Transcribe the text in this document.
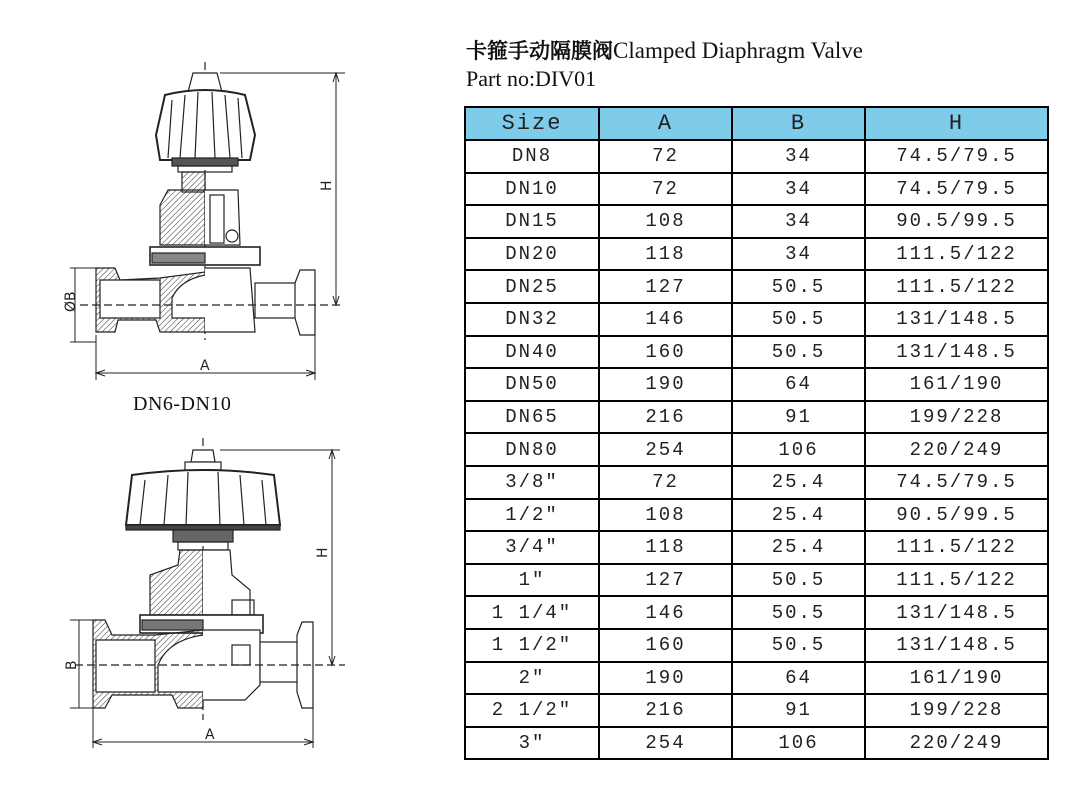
卡箍手动隔膜阀Clamped Diaphragm Valve
Part no:DIV01
H
ØB
A
DN6-DN10
H
B
A
Size	A	B	H
DN8	72	34	74.5/79.5
DN10	72	34	74.5/79.5
DN15	108	34	90.5/99.5
DN20	118	34	111.5/122
DN25	127	50.5	111.5/122
DN32	146	50.5	131/148.5
DN40	160	50.5	131/148.5
DN50	190	64	161/190
DN65	216	91	199/228
DN80	254	106	220/249
3/8″	72	25.4	74.5/79.5
1/2″	108	25.4	90.5/99.5
3/4″	118	25.4	111.5/122
1″	127	50.5	111.5/122
1 1/4″	146	50.5	131/148.5
1 1/2″	160	50.5	131/148.5
2″	190	64	161/190
2 1/2″	216	91	199/228
3″	254	106	220/249
